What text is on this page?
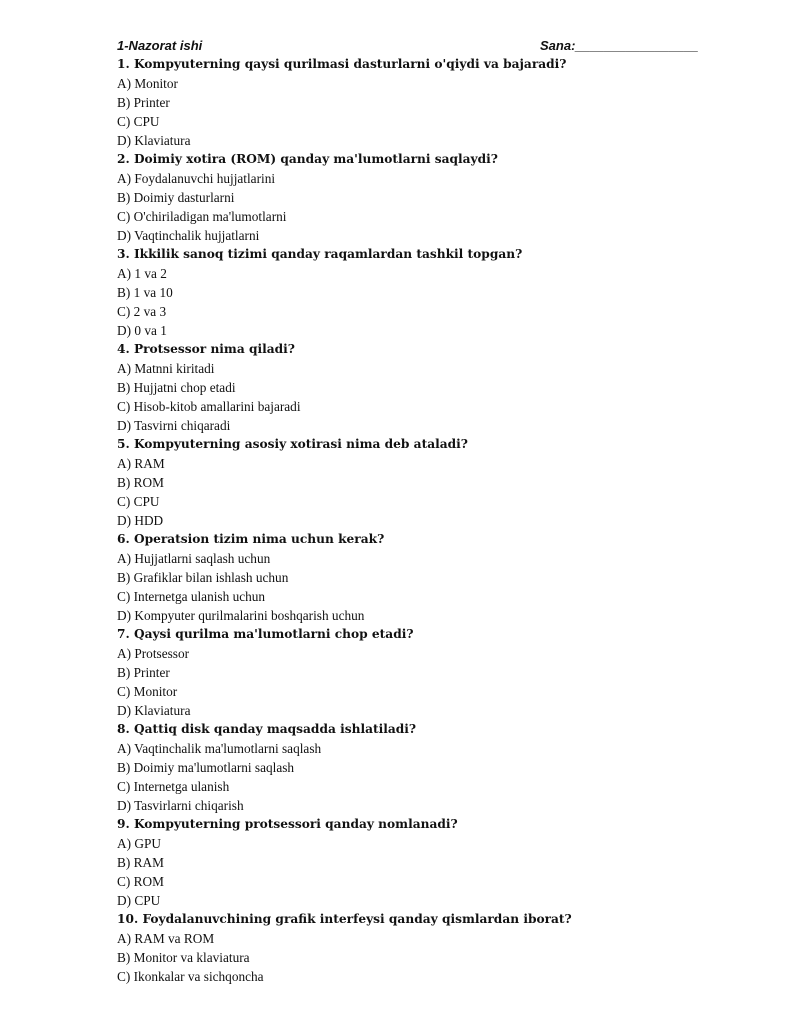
1-Nazorat ishi	Sana:_________________
1. Kompyuterning qaysi qurilmasi dasturlarni o'qiydi va bajaradi?
A) Monitor
B) Printer
C) CPU
D) Klaviatura
2. Doimiy xotira (ROM) qanday ma'lumotlarni saqlaydi?
A) Foydalanuvchi hujjatlarini
B) Doimiy dasturlarni
C) O'chiriladigan ma'lumotlarni
D) Vaqtinchalik hujjatlarni
3. Ikkilik sanoq tizimi qanday raqamlardan tashkil topgan?
A) 1 va 2
B) 1 va 10
C) 2 va 3
D) 0 va 1
4. Protsessor nima qiladi?
A) Matnni kiritadi
B) Hujjatni chop etadi
C) Hisob-kitob amallarini bajaradi
D) Tasvirni chiqaradi
5. Kompyuterning asosiy xotirasi nima deb ataladi?
A) RAM
B) ROM
C) CPU
D) HDD
6. Operatsion tizim nima uchun kerak?
A) Hujjatlarni saqlash uchun
B) Grafiklar bilan ishlash uchun
C) Internetga ulanish uchun
D) Kompyuter qurilmalarini boshqarish uchun
7. Qaysi qurilma ma'lumotlarni chop etadi?
A) Protsessor
B) Printer
C) Monitor
D) Klaviatura
8. Qattiq disk qanday maqsadda ishlatiladi?
A) Vaqtinchalik ma'lumotlarni saqlash
B) Doimiy ma'lumotlarni saqlash
C) Internetga ulanish
D) Tasvirlarni chiqarish
9. Kompyuterning protsessori qanday nomlanadi?
A) GPU
B) RAM
C) ROM
D) CPU
10. Foydalanuvchining grafik interfeysi qanday qismlardan iborat?
A) RAM va ROM
B) Monitor va klaviatura
C) Ikonkalar va sichqoncha
